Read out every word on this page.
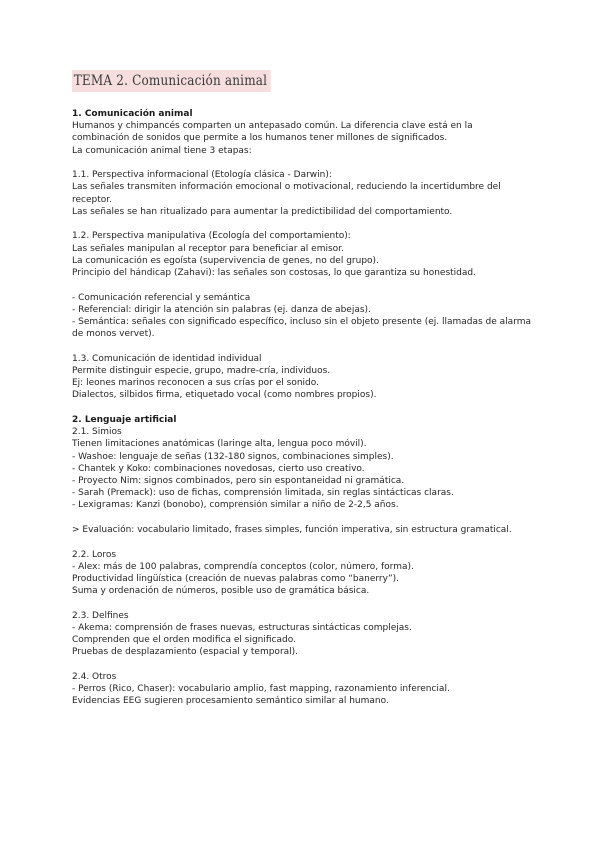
TEMA 2. Comunicación animal
1. Comunicación animal
Humanos y chimpancés comparten un antepasado común. La diferencia clave está en la
combinación de sonidos que permite a los humanos tener millones de significados.
La comunicación animal tiene 3 etapas:
1.1. Perspectiva informacional (Etología clásica - Darwin):
Las señales transmiten información emocional o motivacional, reduciendo la incertidumbre del
receptor.
Las señales se han ritualizado para aumentar la predictibilidad del comportamiento.
1.2. Perspectiva manipulativa (Ecología del comportamiento):
Las señales manipulan al receptor para beneficiar al emisor.
La comunicación es egoísta (supervivencia de genes, no del grupo).
Principio del hándicap (Zahavi): las señales son costosas, lo que garantiza su honestidad.
- Comunicación referencial y semántica
- Referencial: dirigir la atención sin palabras (ej. danza de abejas).
- Semántica: señales con significado específico, incluso sin el objeto presente (ej. llamadas de alarma
de monos vervet).
1.3. Comunicación de identidad individual
Permite distinguir especie, grupo, madre-cría, individuos.
Ej: leones marinos reconocen a sus crías por el sonido.
Dialectos, silbidos firma, etiquetado vocal (como nombres propios).
2. Lenguaje artificial
2.1. Simios
Tienen limitaciones anatómicas (laringe alta, lengua poco móvil).
- Washoe: lenguaje de señas (132-180 signos, combinaciones simples).
- Chantek y Koko: combinaciones novedosas, cierto uso creativo.
- Proyecto Nim: signos combinados, pero sin espontaneidad ni gramática.
- Sarah (Premack): uso de fichas, comprensión limitada, sin reglas sintácticas claras.
- Lexigramas: Kanzi (bonobo), comprensión similar a niño de 2-2,5 años.
> Evaluación: vocabulario limitado, frases simples, función imperativa, sin estructura gramatical.
2.2. Loros
- Alex: más de 100 palabras, comprendía conceptos (color, número, forma).
Productividad lingüística (creación de nuevas palabras como “banerry”).
Suma y ordenación de números, posible uso de gramática básica.
2.3. Delfines
- Akema: comprensión de frases nuevas, estructuras sintácticas complejas.
Comprenden que el orden modifica el significado.
Pruebas de desplazamiento (espacial y temporal).
2.4. Otros
- Perros (Rico, Chaser): vocabulario amplio, fast mapping, razonamiento inferencial.
Evidencias EEG sugieren procesamiento semántico similar al humano.
